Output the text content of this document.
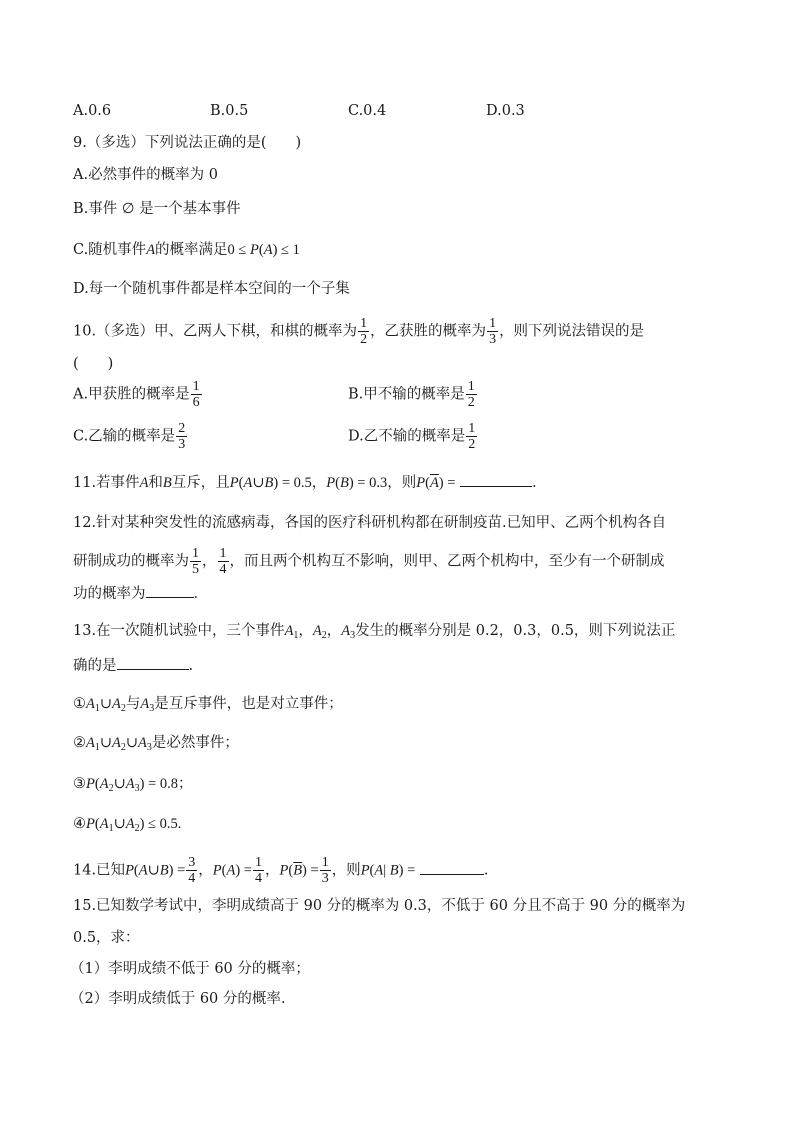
A.0.6	B.0.5	C.0.4	D.0.3
9.（多选）下列说法正确的是(　　)
A.必然事件的概率为 0
B.事件 ∅ 是一个基本事件
C.随机事件A的概率满足0 ≤ P(A) ≤ 1
D.每一个随机事件都是样本空间的一个子集
10.（多选）甲、乙两人下棋，和棋的概率为 $\frac{1}{2}$ ，乙获胜的概率为 $\frac{1}{3}$ ，则下列说法错误的是
(　　)
A.甲获胜的概率是 $\frac{1}{6}$	B.甲不输的概率是 $\frac{1}{2}$
C.乙输的概率是 $\frac{2}{3}$	D.乙不输的概率是 $\frac{1}{2}$
11.若事件A和B互斥，且P(A∪B) = 0.5，P(B) = 0.3，则$P(\overline{A})$ =	.
12.针对某种突发性的流感病毒，各国的医疗科研机构都在研制疫苗.已知甲、乙两个机构各自
研制成功的概率为 $\frac{1}{5}$ ， $\frac{1}{4}$ ，而且两个机构互不影响，则甲、乙两个机构中，至少有一个研制成
功的概率为	.
13.在一次随机试验中，三个事件$A_1$，$A_2$，$A_3$发生的概率分别是 0.2，0.3，0.5，则下列说法正
确的是	.
$①A_1\cup A_2$与$A_3$是互斥事件，也是对立事件；
$②A_1\cup A_2\cup A_3$是必然事件；
$③P(A_2\cup A_3) = 0.8$；
$④P(A_1\cup A_2) \le 0.5$.
14.已知P(A∪B) = $\frac{3}{4}$ ，$P(A) = \frac{1}{4}$ ，$P(\overline{B}) = \frac{1}{3}$ ，则P(A| B) =	.
15.已知数学考试中，李明成绩高于 90 分的概率为 0.3，不低于 60 分且不高于 90 分的概率为
0.5，求：
（1）李明成绩不低于 60 分的概率；
（2）李明成绩低于 60 分的概率.
